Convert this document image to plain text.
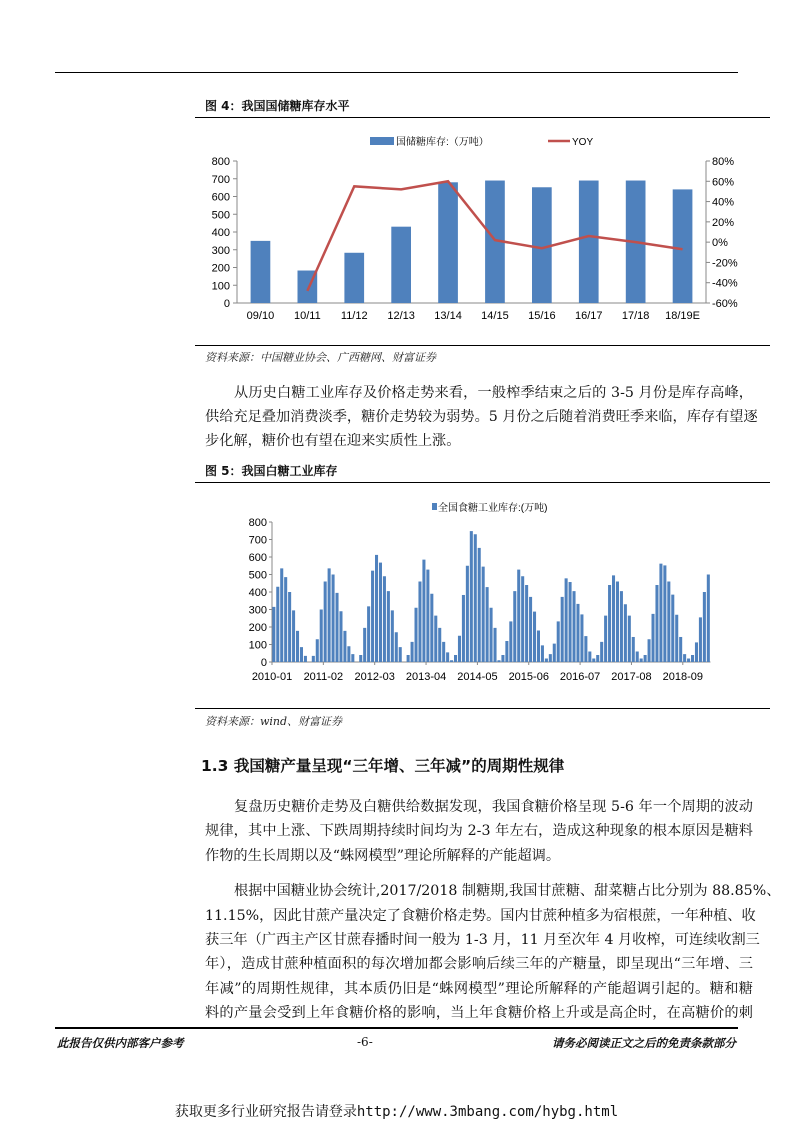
图 4：我国国储糖库存水平
0
100
200
300
400
500
600
700
800
-60%
-40%
-20%
0%
20%
40%
60%
80%
09/10 10/11 11/12 12/13 13/14 14/15 15/16 16/17 17/18 18/19E
国储糖库存:（万吨）	YOY
资料来源：中国糖业协会、广西糖网、财富证券
从历史白糖工业库存及价格走势来看，一般榨季结束之后的 3-5 月份是库存高峰，
供给充足叠加消费淡季，糖价走势较为弱势。5 月份之后随着消费旺季来临，库存有望逐
步化解，糖价也有望在迎来实质性上涨。
图 5：我国白糖工业库存
0
100
200
300
400
500
600
700
800
2010-01 2011-02 2012-03 2013-04 2014-05 2015-06 2016-07 2017-08 2018-09
全国食糖工业库存:(万吨)
资料来源：wind、财富证券
1.3 我国糖产量呈现“三年增、三年减”的周期性规律
复盘历史糖价走势及白糖供给数据发现，我国食糖价格呈现 5-6 年一个周期的波动
规律，其中上涨、下跌周期持续时间均为 2-3 年左右，造成这种现象的根本原因是糖料
作物的生长周期以及“蛛网模型”理论所解释的产能超调。
根据中国糖业协会统计,2017/2018 制糖期,我国甘蔗糖、甜菜糖占比分别为 88.85%、
11.15%，因此甘蔗产量决定了食糖价格走势。国内甘蔗种植多为宿根蔗，一年种植、收
获三年（广西主产区甘蔗春播时间一般为 1-3 月，11 月至次年 4 月收榨，可连续收割三
年），造成甘蔗种植面积的每次增加都会影响后续三年的产糖量，即呈现出“三年增、三
年减”的周期性规律，其本质仍旧是“蛛网模型”理论所解释的产能超调引起的。糖和糖
料的产量会受到上年食糖价格的影响，当上年食糖价格上升或是高企时，在高糖价的刺
此报告仅供内部客户参考	-6-	请务必阅读正文之后的免责条款部分
获取更多行业研究报告请登录http://www.3mbang.com/hybg.html
